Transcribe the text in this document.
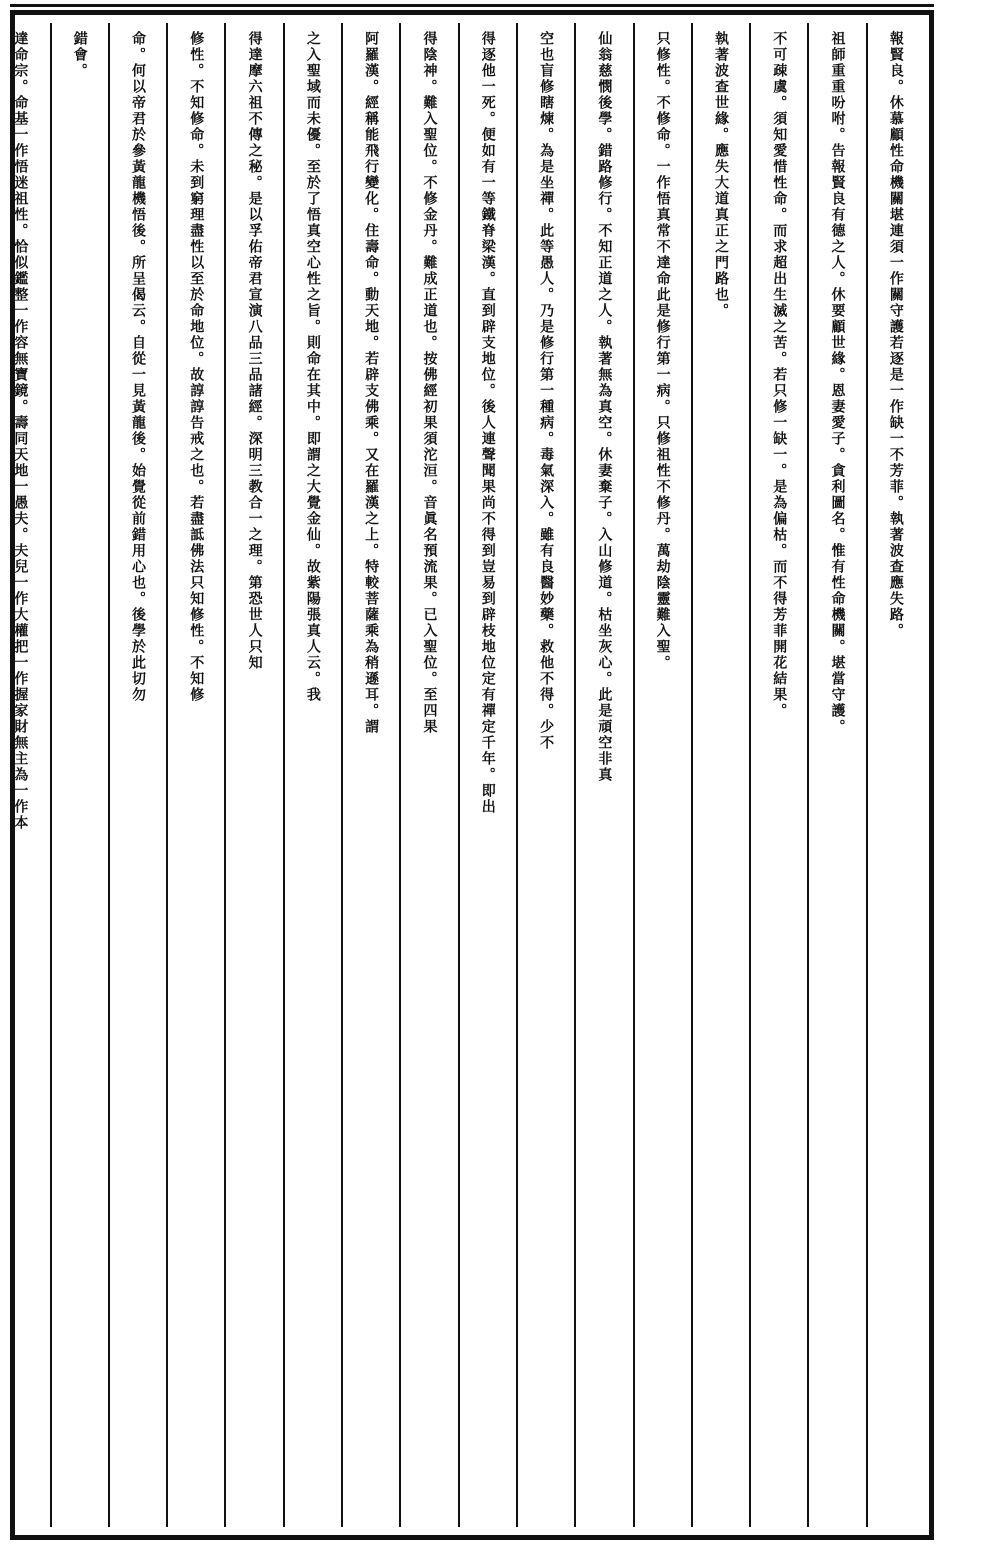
報賢良。休慕顧性命機關堪連須一作關守護若逐是一作缺一不芳菲。執著波查應失路。
祖師重重吩咐。告報賢良有德之人。休要顧世緣。恩妻愛子。貪利圖名。惟有性命機關。堪當守護。
不可疎虞。須知愛惜性命。而求超出生滅之苦。若只修一缺一。是為偏枯。而不得芳菲開花結果。
執著波查世緣。應失大道真正之門路也。
只修性。不修命。一作悟真常不達命此是修行第一病。只修祖性不修丹。萬劫陰靈難入聖。
仙翁慈憫後學。錯路修行。不知正道之人。執著無為真空。休妻棄子。入山修道。枯坐灰心。此是頑空非真
空也盲修瞎煉。為是坐禪。此等愚人。乃是修行第一種病。毒氣深入。雖有良醫妙藥。救他不得。少不
得逐他一死。便如有一等鐵脊梁漢。直到辟支地位。後人連聲聞果尚不得到豈易到辟枝地位定有禪定千年。即出
得陰神。難入聖位。不修金丹。難成正道也。按佛經初果須沱洹。音眞名預流果。已入聖位。至四果
阿羅漢。經稱能飛行變化。住壽命。動天地。若辟支佛乘。又在羅漢之上。特較菩薩乘為稍遜耳。謂
之入聖域而未優。至於了悟真空心性之旨。則命在其中。即謂之大覺金仙。故紫陽張真人云。我
得達摩六祖不傳之秘。是以孚佑帝君宣演八品三品諸經。深明三教合一之理。第恐世人只知
修性。不知修命。未到窮理盡性以至於命地位。故諄諄告戒之也。若盡詆佛法只知修性。不知修
命。何以帝君於參黃龍機悟後。所呈偈云。自從一見黃龍後。始覺從前錯用心也。後學於此切勿
錯會。
達命宗。命基一作悟迷祖性。恰似鑑整一作容無寶鏡。壽同天地一愚夫。夫兒一作大權把一作握家財無主為一作本
